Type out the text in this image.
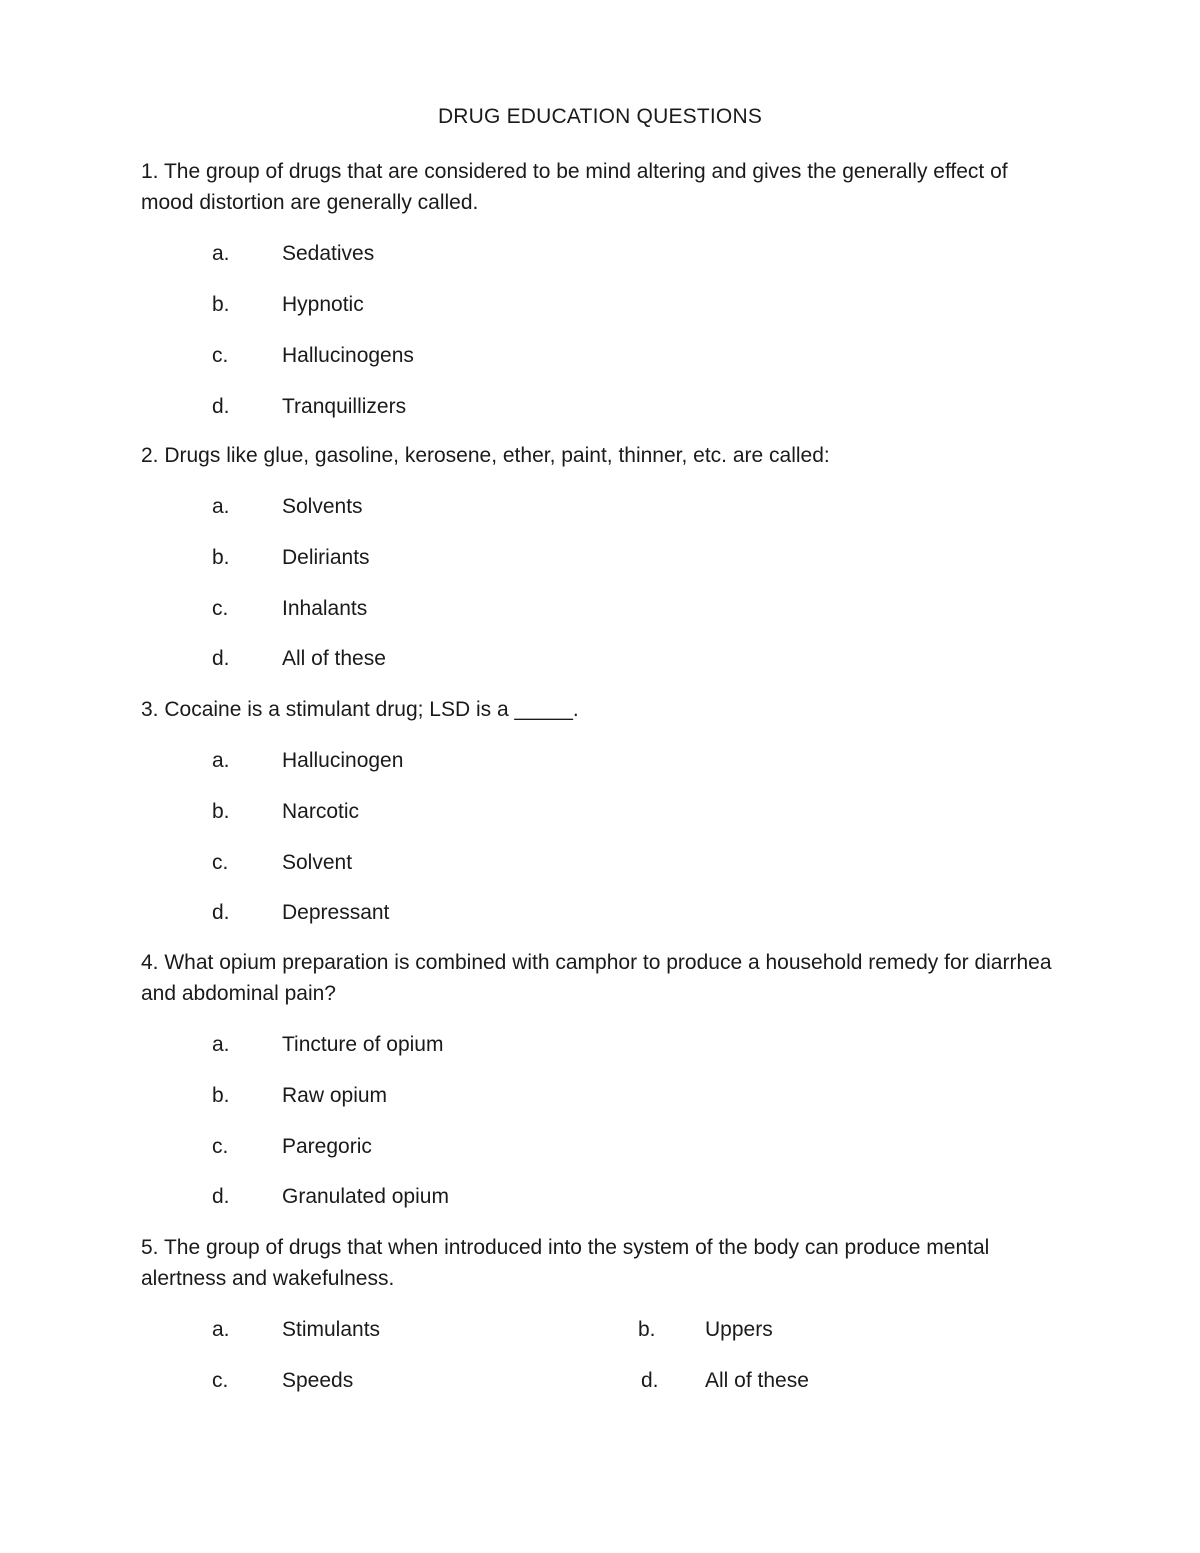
DRUG EDUCATION QUESTIONS
1. The group of drugs that are considered to be mind altering and gives the generally effect of mood distortion are generally called.
a.	Sedatives
b.	Hypnotic
c.	Hallucinogens
d.	Tranquillizers
2. Drugs like glue, gasoline, kerosene, ether, paint, thinner, etc. are called:
a.	Solvents
b.	Deliriants
c.	Inhalants
d.	All of these
3. Cocaine is a stimulant drug; LSD is a _____.
a.	Hallucinogen
b.	Narcotic
c.	Solvent
d.	Depressant
4. What opium preparation is combined with camphor to produce a household remedy for diarrhea and abdominal pain?
a.	Tincture of opium
b.	Raw opium
c.	Paregoric
d.	Granulated opium
5. The group of drugs that when introduced into the system of the body can produce mental alertness and wakefulness.
a.	Stimulants	b.	Uppers
c.	Speeds	d.	All of these
